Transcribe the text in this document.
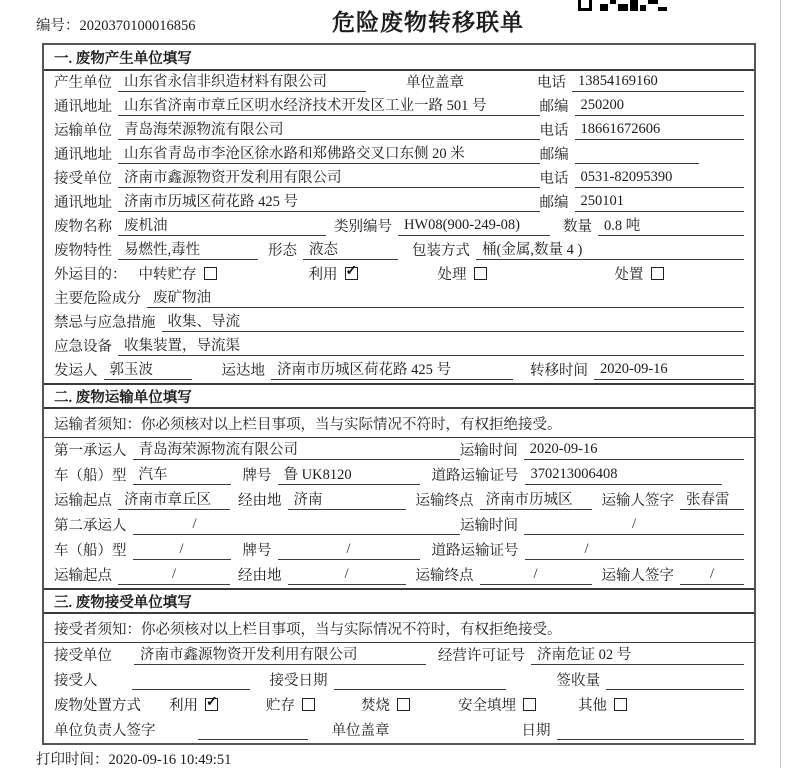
编号：2020370100016856	危险废物转移联单
一. 废物产生单位填写
产生单位 山东省永信非织造材料有限公司	单位盖章	电话 13854169160
通讯地址 山东省济南市章丘区明水经济技术开发区工业一路 501 号	邮编 250200
运输单位 青岛海荣源物流有限公司	电话 18661672606
通讯地址 山东省青岛市李沧区徐水路和郑佛路交叉口东侧 20 米	邮编
接受单位 济南市鑫源物资开发利用有限公司	电话 0531-82095390
通讯地址 济南市历城区荷花路 425 号	邮编 250101
废物名称 废机油	类别编号 HW08(900-249-08)	数量 0.8 吨
废物特性 易燃性,毒性	形态 液态	包装方式 桶(金属,数量 4 )
外运目的： 中转贮存	利用 ✓	处理	处置
主要危险成分 废矿物油
禁忌与应急措施 收集、导流
应急设备 收集装置，导流渠
发运人 郭玉波	运达地 济南市历城区荷花路 425 号	转移时间 2020-09-16
二. 废物运输单位填写
运输者须知：你必须核对以上栏目事项，当与实际情况不符时，有权拒绝接受。
第一承运人 青岛海荣源物流有限公司	运输时间 2020-09-16
车（船）型 汽车	牌号 鲁 UK8120	道路运输证号 370213006408
运输起点 济南市章丘区	经由地 济南	运输终点 济南市历城区	运输人签字 张春雷
第二承运人	/	运输时间	/
车（船）型	/	牌号	/	道路运输证号	/
运输起点	/	经由地	/	运输终点	/	运输人签字	/
三. 废物接受单位填写
接受者须知：你必须核对以上栏目事项，当与实际情况不符时，有权拒绝接受。
接受单位	济南市鑫源物资开发利用有限公司	经营许可证号 济南危证 02 号
接受人	接受日期	签收量
废物处置方式 利用 ✓	贮存	焚烧	安全填埋	其他
单位负责人签字	单位盖章	日期
打印时间：2020-09-16 10:49:51
